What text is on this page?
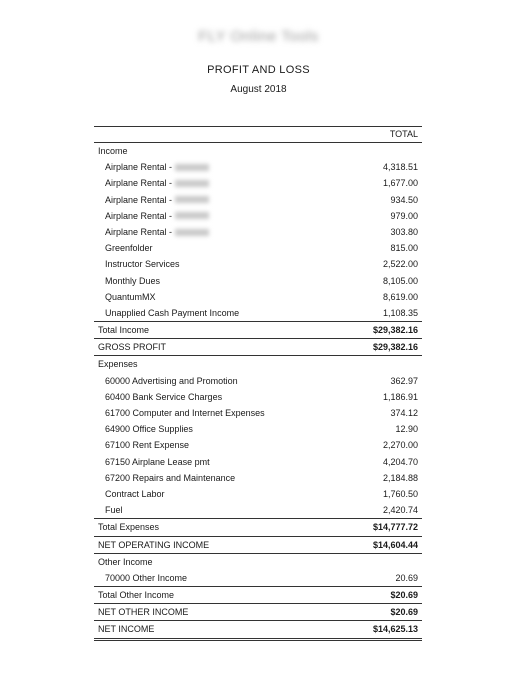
FLY Online Tools
PROFIT AND LOSS
August 2018
TOTAL
Income
Airplane Rental -	4,318.51
Airplane Rental -	1,677.00
Airplane Rental -	934.50
Airplane Rental -	979.00
Airplane Rental -	303.80
Greenfolder	815.00
Instructor Services	2,522.00
Monthly Dues	8,105.00
QuantumMX	8,619.00
Unapplied Cash Payment Income	1,108.35
Total Income	$29,382.16
GROSS PROFIT	$29,382.16
Expenses
60000 Advertising and Promotion	362.97
60400 Bank Service Charges	1,186.91
61700 Computer and Internet Expenses	374.12
64900 Office Supplies	12.90
67100 Rent Expense	2,270.00
67150 Airplane Lease pmt	4,204.70
67200 Repairs and Maintenance	2,184.88
Contract Labor	1,760.50
Fuel	2,420.74
Total Expenses	$14,777.72
NET OPERATING INCOME	$14,604.44
Other Income
70000 Other Income	20.69
Total Other Income	$20.69
NET OTHER INCOME	$20.69
NET INCOME	$14,625.13
